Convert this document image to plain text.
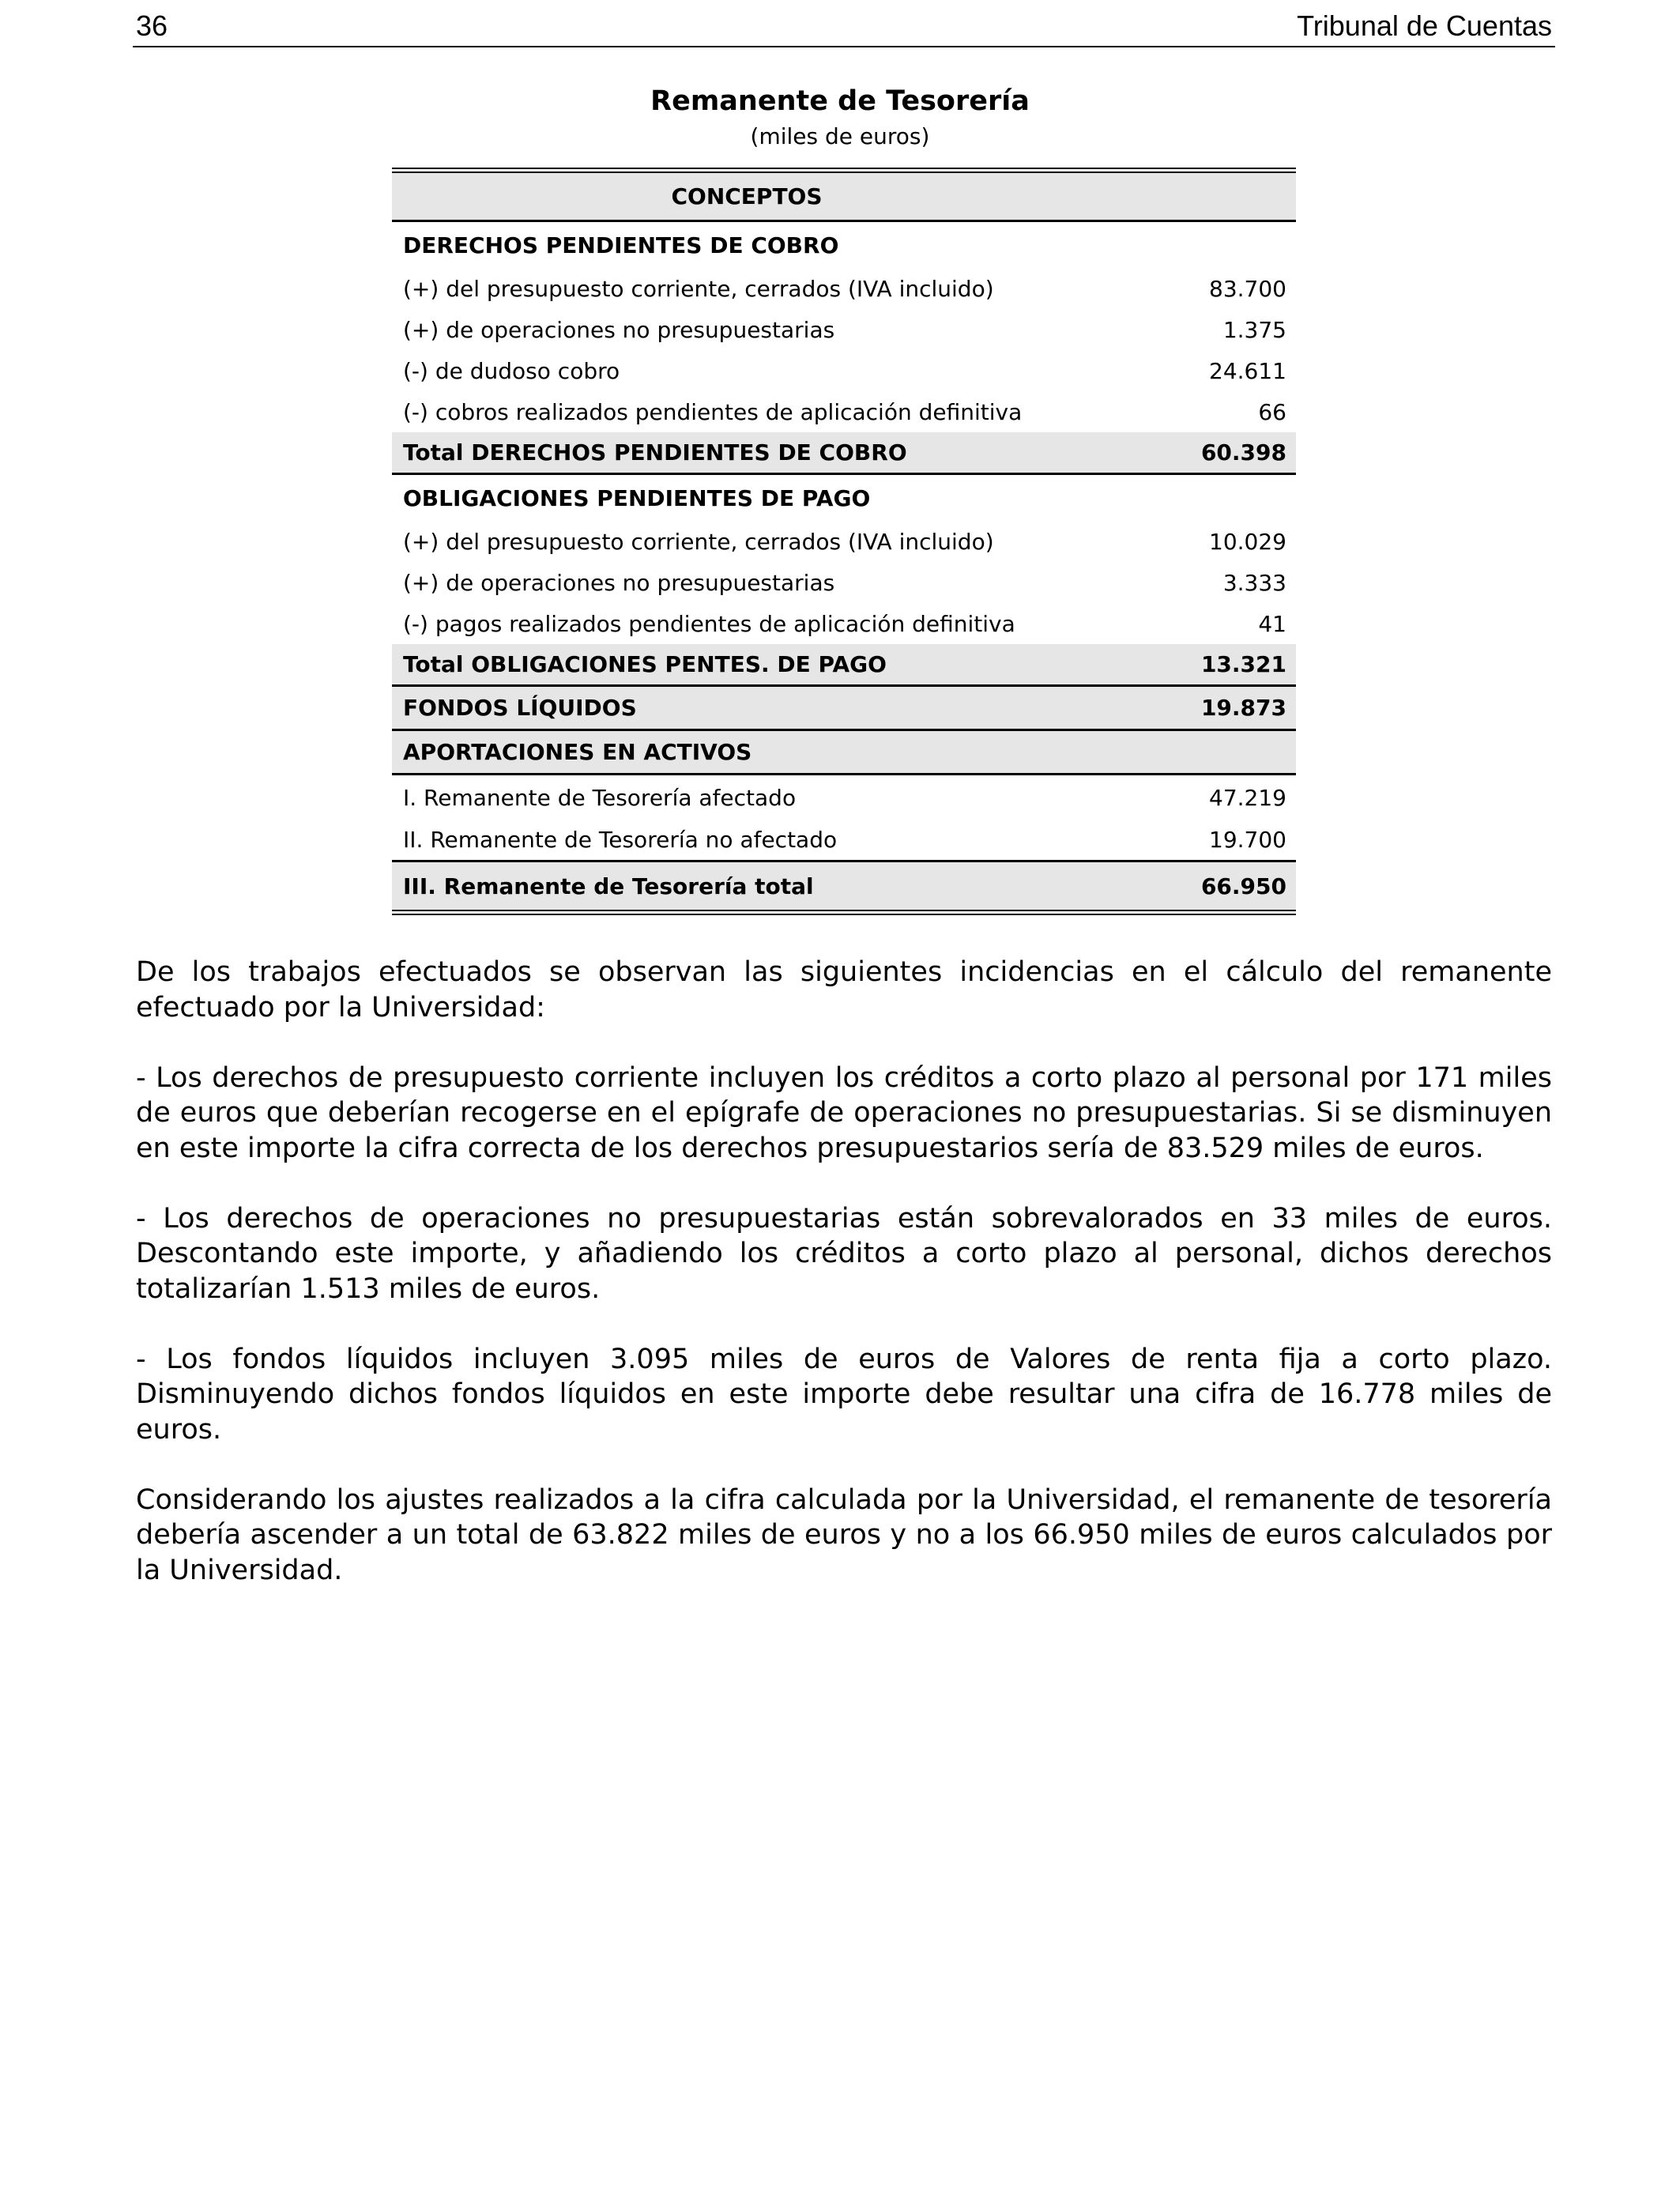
36	Tribunal de Cuentas
Remanente de Tesorería
(miles de euros)
CONCEPTOS
DERECHOS PENDIENTES DE COBRO
(+) del presupuesto corriente, cerrados (IVA incluido)	83.700
(+) de operaciones no presupuestarias	1.375
(-) de dudoso cobro	24.611
(-) cobros realizados pendientes de aplicación definitiva	66
Total DERECHOS PENDIENTES DE COBRO	60.398
OBLIGACIONES PENDIENTES DE PAGO
(+) del presupuesto corriente, cerrados (IVA incluido)	10.029
(+) de operaciones no presupuestarias	3.333
(-) pagos realizados pendientes de aplicación definitiva	41
Total OBLIGACIONES PENTES. DE PAGO	13.321
FONDOS LÍQUIDOS	19.873
APORTACIONES EN ACTIVOS
I. Remanente de Tesorería afectado	47.219
II. Remanente de Tesorería no afectado	19.700
III. Remanente de Tesorería total	66.950

De los trabajos efectuados se observan las siguientes incidencias en el cálculo del remanente efectuado por la Universidad:

- Los derechos de presupuesto corriente incluyen los créditos a corto plazo al personal por 171 miles de euros que deberían recogerse en el epígrafe de operaciones no presupuestarias. Si se disminuyen en este importe la cifra correcta de los derechos presupuestarios sería de 83.529 miles de euros.

- Los derechos de operaciones no presupuestarias están sobrevalorados en 33 miles de euros. Descontando este importe, y añadiendo los créditos a corto plazo al personal, dichos derechos totalizarían 1.513 miles de euros.

- Los fondos líquidos incluyen 3.095 miles de euros de Valores de renta fija a corto plazo. Disminuyendo dichos fondos líquidos en este importe debe resultar una cifra de 16.778 miles de euros.

Considerando los ajustes realizados a la cifra calculada por la Universidad, el remanente de tesorería debería ascender a un total de 63.822 miles de euros y no a los 66.950 miles de euros calculados por la Universidad.
